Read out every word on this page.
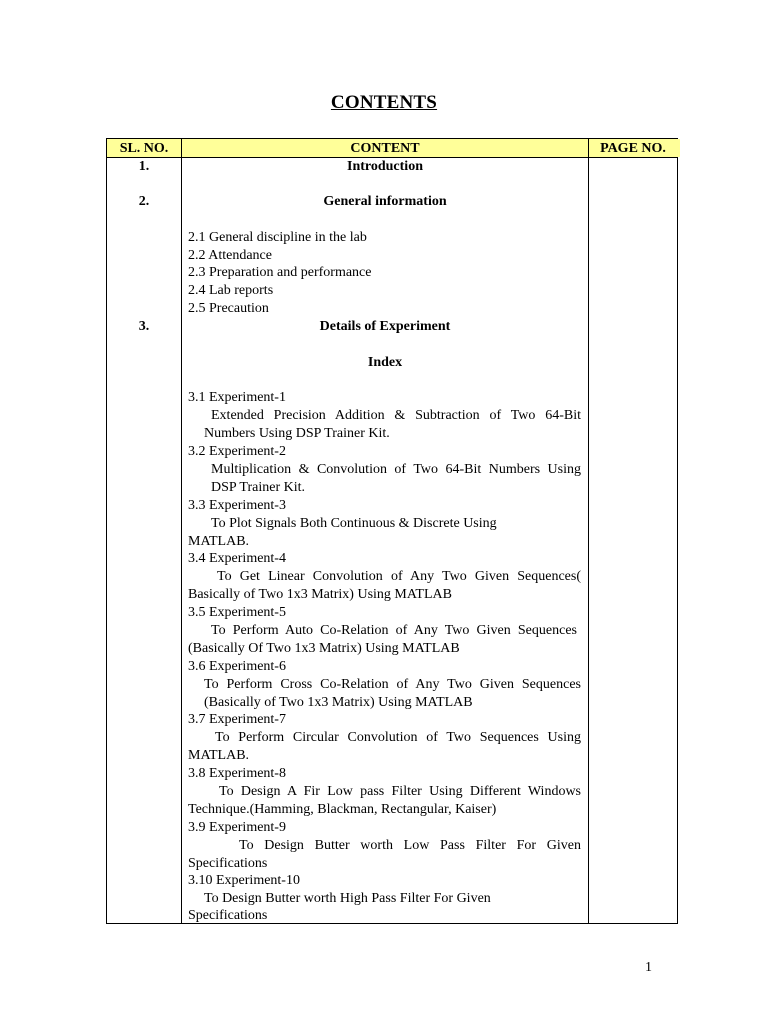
CONTENTS
SL. NO.	CONTENT	PAGE NO.
1.	Introduction
2.	General information
2.1 General discipline in the lab
2.2 Attendance
2.3 Preparation and performance
2.4 Lab reports
2.5 Precaution
3.	Details of Experiment
Index
3.1 Experiment-1
Extended Precision Addition & Subtraction of Two 64-Bit
Numbers Using DSP Trainer Kit.
3.2 Experiment-2
Multiplication & Convolution of Two 64-Bit Numbers Using
DSP Trainer Kit.
3.3 Experiment-3
To Plot Signals Both Continuous & Discrete Using
MATLAB.
3.4 Experiment-4
To Get Linear Convolution of Any Two Given Sequences(
Basically of Two 1x3 Matrix) Using MATLAB
3.5 Experiment-5
To Perform Auto Co-Relation of Any Two Given Sequences
(Basically Of Two 1x3 Matrix) Using MATLAB
3.6 Experiment-6
To Perform Cross Co-Relation of Any Two Given Sequences
(Basically of Two 1x3 Matrix) Using MATLAB
3.7 Experiment-7
To Perform Circular Convolution of Two Sequences Using
MATLAB.
3.8 Experiment-8
To Design A Fir Low pass Filter Using Different Windows
Technique.(Hamming, Blackman, Rectangular, Kaiser)
3.9 Experiment-9
To Design Butter worth Low Pass Filter For Given
Specifications
3.10 Experiment-10
To Design Butter worth High Pass Filter For Given
Specifications
1
